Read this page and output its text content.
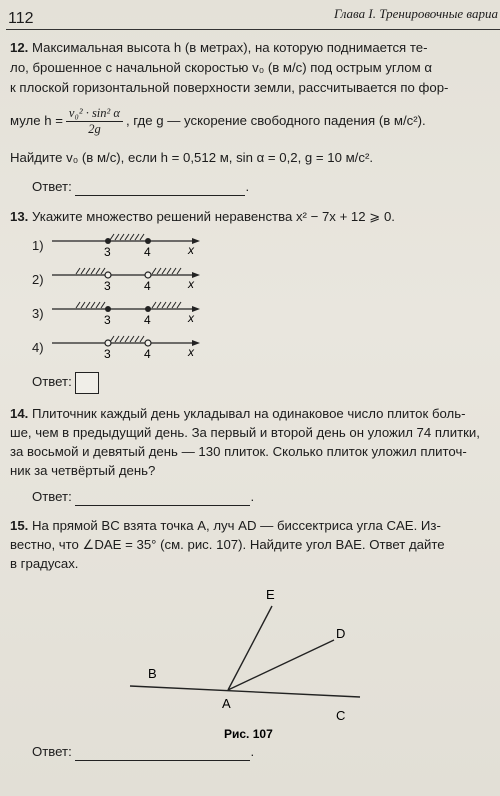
112	Глава I. Тренировочные вариа
12. Максимальная высота h (в метрах), на которую поднимается те-
ло, брошенное с начальной скоростью v₀ (в м/с) под острым углом α
к плоской горизонтальной поверхности земли, рассчитывается по фор-
муле $h = \frac{\text{v₀² · sin² α}}{2g}$ , где g — ускорение свободного падения (в м/с²).
Найдите v₀ (в м/с), если h = 0,512 м, sin α = 0,2, g = 10 м/с².
Ответ:	.
13. Укажите множество решений неравенства x² − 7x + 12 ⩾ 0.
1)	3	4	x
2)	3	4	x
3)	3	4	x
4)	3	4	x
Ответ:
14. Плиточник каждый день укладывал на одинаковое число плиток боль-
ше, чем в предыдущий день. За первый и второй день он уложил 74 плитки,
за восьмой и девятый день — 130 плиток. Сколько плиток уложил плиточ-
ник за четвёртый день?
Ответ:	.
15. На прямой BC взята точка A, луч AD — биссектриса угла CAE. Из-
вестно, что ∠DAE = 35° (см. рис. 107). Найдите угол BAE. Ответ дайте
в градусах.
E
D
B
A
C
Рис. 107
Ответ:	.
